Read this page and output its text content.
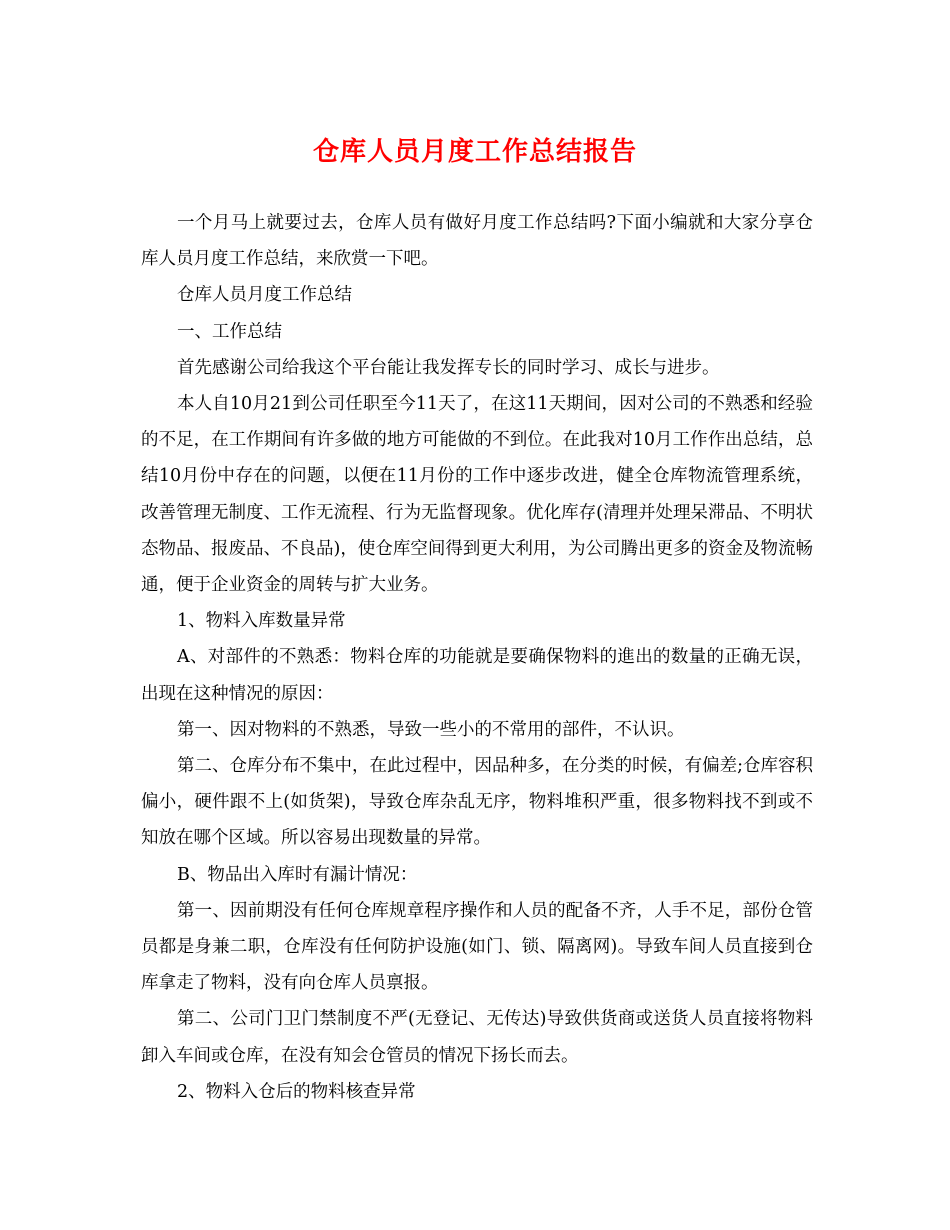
仓库人员月度工作总结报告

一个月马上就要过去，仓库人员有做好月度工作总结吗?下面小编就和大家分享仓库人员月度工作总结，来欣赏一下吧。

仓库人员月度工作总结

一、工作总结

首先感谢公司给我这个平台能让我发挥专长的同时学习、成长与进步。

本人自10月21到公司任职至今11天了，在这11天期间，因对公司的不熟悉和经验的不足，在工作期间有许多做的地方可能做的不到位。在此我对10月工作作出总结，总结10月份中存在的问题，以便在11月份的工作中逐步改进，健全仓库物流管理系统，改善管理无制度、工作无流程、行为无监督现象。优化库存(清理并处理呆滞品、不明状态物品、报废品、不良品)，使仓库空间得到更大利用，为公司腾出更多的资金及物流畅通，便于企业资金的周转与扩大业务。

1、物料入库数量异常

A、对部件的不熟悉：物料仓库的功能就是要确保物料的進出的数量的正确无误，出现在这种情况的原因：

第一、因对物料的不熟悉，导致一些小的不常用的部件，不认识。

第二、仓库分布不集中，在此过程中，因品种多，在分类的时候，有偏差;仓库容积偏小，硬件跟不上(如货架)，导致仓库杂乱无序，物料堆积严重，很多物料找不到或不知放在哪个区域。所以容易出现数量的异常。

B、物品出入库时有漏计情况：

第一、因前期没有任何仓库规章程序操作和人员的配备不齐，人手不足，部份仓管员都是身兼二职，仓库没有任何防护设施(如门、锁、隔离网)。导致车间人员直接到仓库拿走了物料，没有向仓库人员禀报。

第二、公司门卫门禁制度不严(无登记、无传达)导致供货商或送货人员直接将物料卸入车间或仓库，在没有知会仓管员的情况下扬长而去。

2、物料入仓后的物料核查异常
